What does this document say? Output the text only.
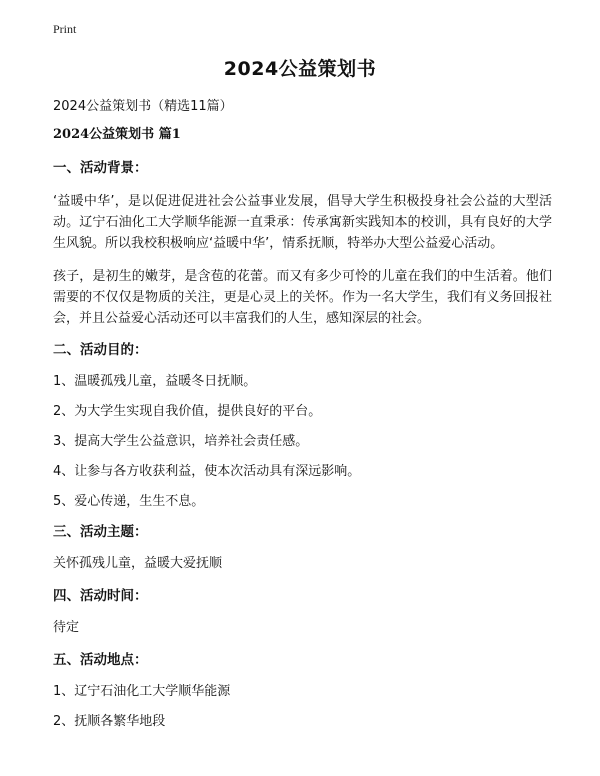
Print
2024公益策划书
2024公益策划书（精选11篇）
2024公益策划书 篇1
一、活动背景：
‘益暖中华’，是以促进促进社会公益事业发展，倡导大学生积极投身社会公益的大型活动。辽宁石油化工大学顺华能源一直秉承：传承寓新实践知本的校训，具有良好的大学生风貌。所以我校积极响应‘益暖中华’，情系抚顺，特举办大型公益爱心活动。
孩子，是初生的嫩芽，是含苞的花蕾。而又有多少可怜的儿童在我们的中生活着。他们需要的不仅仅是物质的关注，更是心灵上的关怀。作为一名大学生，我们有义务回报社会，并且公益爱心活动还可以丰富我们的人生，感知深层的社会。
二、活动目的：
1、温暖孤残儿童，益暖冬日抚顺。
2、为大学生实现自我价值，提供良好的平台。
3、提高大学生公益意识，培养社会责任感。
4、让参与各方收获利益，使本次活动具有深远影响。
5、爱心传递，生生不息。
三、活动主题：
关怀孤残儿童，益暖大爱抚顺
四、活动时间：
待定
五、活动地点：
1、辽宁石油化工大学顺华能源
2、抚顺各繁华地段
